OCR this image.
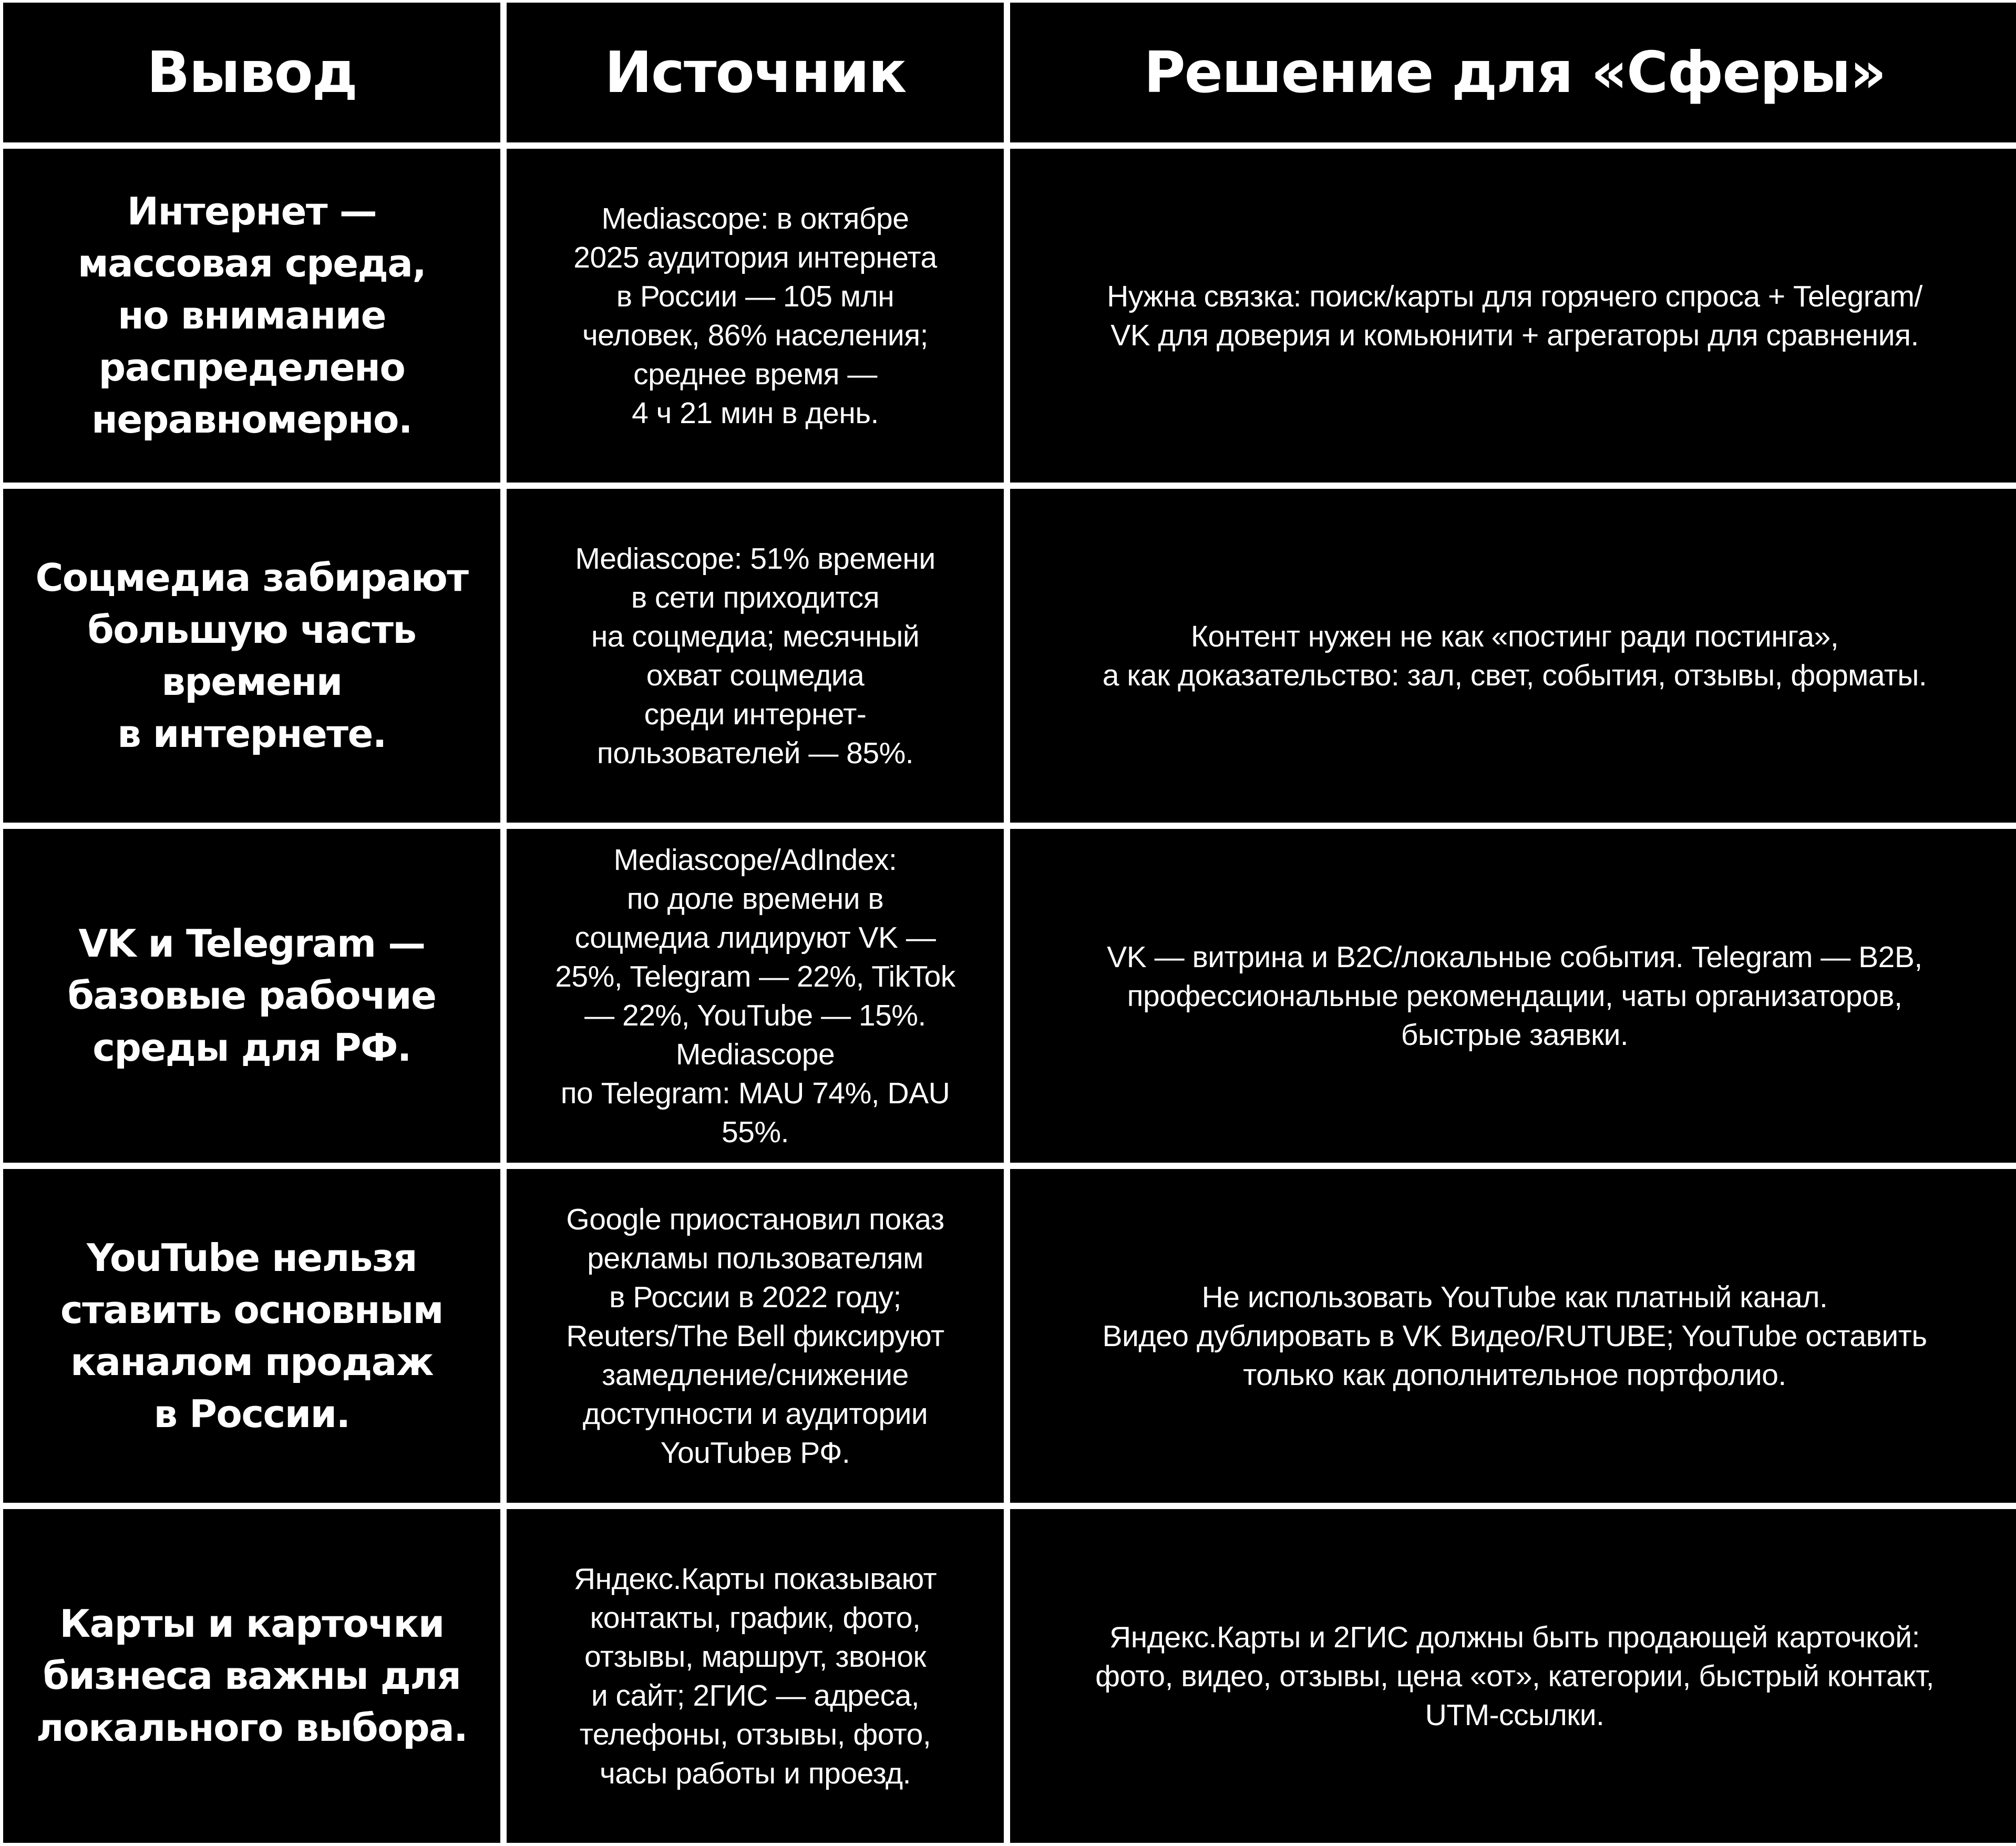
Вывод	Источник	Решение для «Сферы»
Интернет —
массовая среда,
но внимание
распределено
неравномерно.
Mediascope: в октябре
2025 аудитория интернета
в России — 105 млн
человек, 86% населения;
среднее время —
4 ч 21 мин в день.
Нужна связка: поиск/карты для горячего спроса + Telegram/
VK для доверия и комьюнити + агрегаторы для сравнения.
Соцмедиа забирают
большую часть
времени
в интернете.
Mediascope: 51% времени
в сети приходится
на соцмедиа; месячный
охват соцмедиа
среди интернет-
пользователей — 85%.
Контент нужен не как «постинг ради постинга»,
а как доказательство: зал, свет, события, отзывы, форматы.
VK и Telegram —
базовые рабочие
среды для РФ.
Mediascope/AdIndex:
по доле времени в
соцмедиа лидируют VK —
25%, Telegram — 22%, TikTok
— 22%, YouTube — 15%.
Mediascope
по Telegram: MAU 74%, DAU
55%.
VK — витрина и B2C/локальные события. Telegram — B2B,
профессиональные рекомендации, чаты организаторов,
быстрые заявки.
YouTube нельзя
ставить основным
каналом продаж
в России.
Google приостановил показ
рекламы пользователям
в России в 2022 году;
Reuters/The Bell фиксируют
замедление/снижение
доступности и аудитории
YouTubeв РФ.
Не использовать YouTube как платный канал.
Видео дублировать в VK Видео/RUTUBE; YouTube оставить
только как дополнительное портфолио.
Карты и карточки
бизнеса важны для
локального выбора.
Яндекс.Карты показывают
контакты, график, фото,
отзывы, маршрут, звонок
и сайт; 2ГИС — адреса,
телефоны, отзывы, фото,
часы работы и проезд.
Яндекс.Карты и 2ГИС должны быть продающей карточкой:
фото, видео, отзывы, цена «от», категории, быстрый контакт,
UTM-ссылки.
